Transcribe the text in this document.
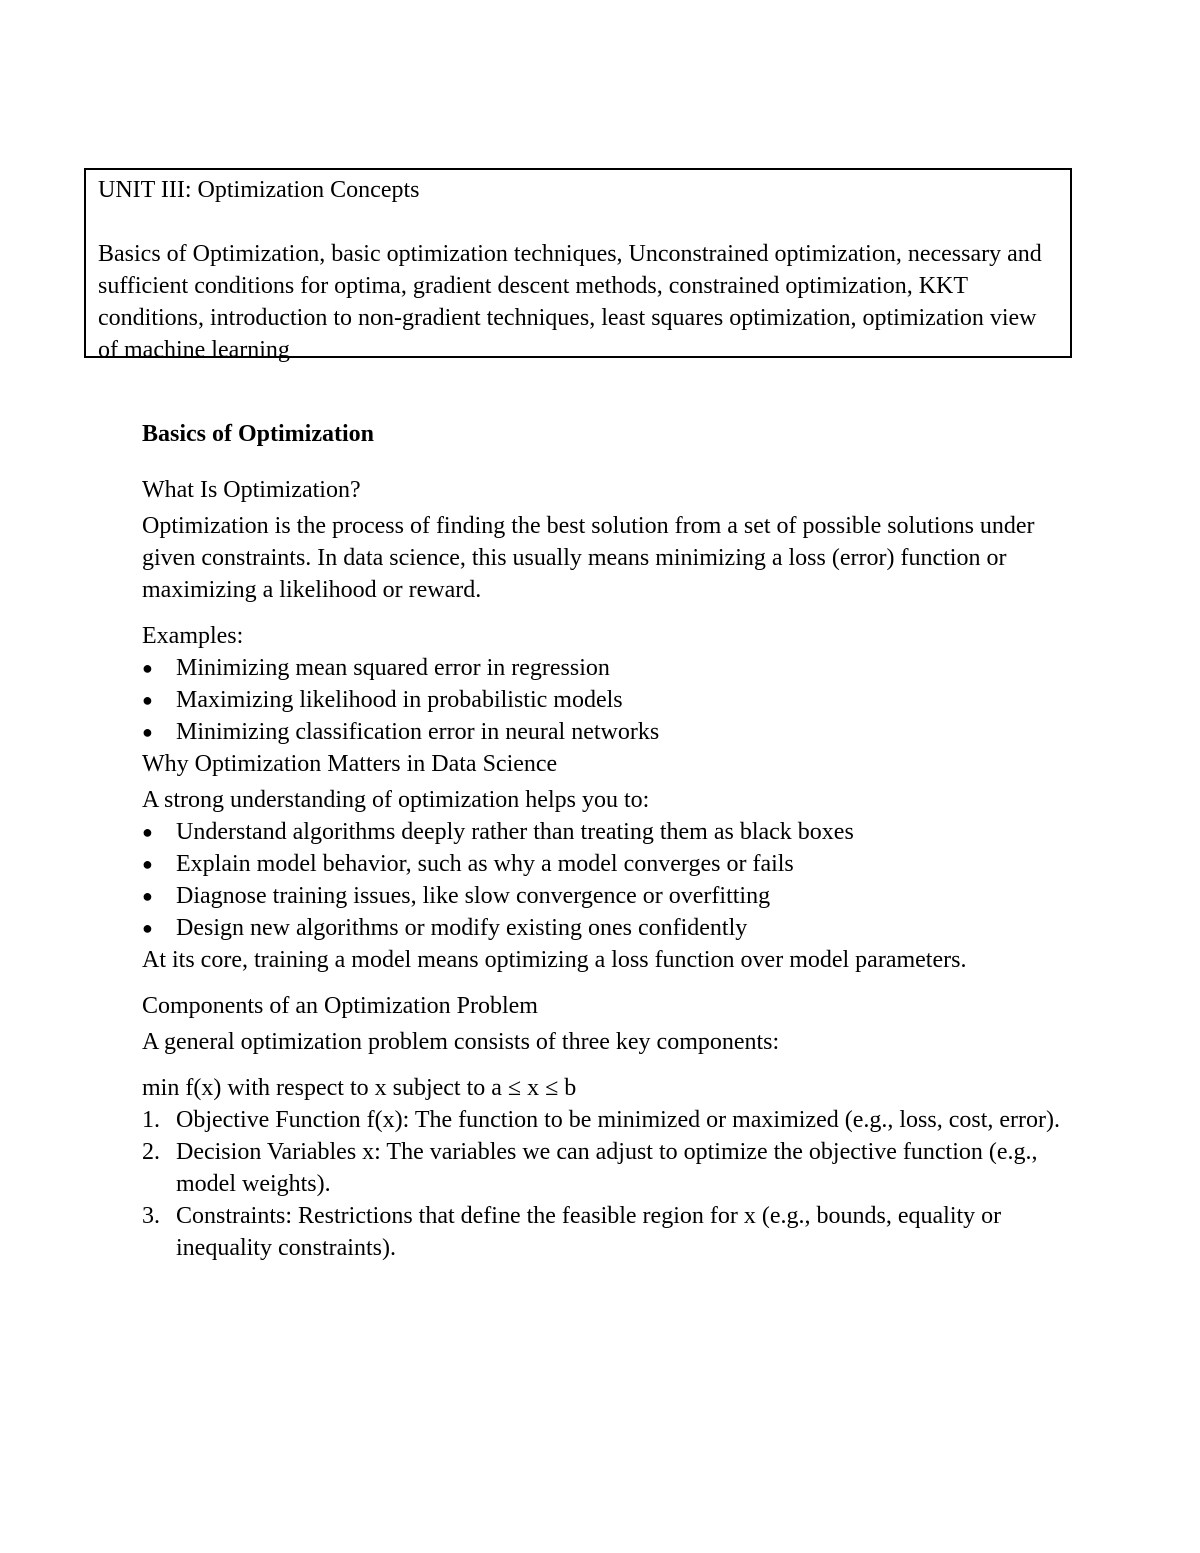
UNIT III: Optimization Concepts

Basics of Optimization, basic optimization techniques, Unconstrained optimization, necessary and sufficient conditions for optima, gradient descent methods, constrained optimization, KKT conditions, introduction to non-gradient techniques, least squares optimization, optimization view of machine learning

Basics of Optimization

What Is Optimization?

Optimization is the process of finding the best solution from a set of possible solutions under given constraints. In data science, this usually means minimizing a loss (error) function or maximizing a likelihood or reward.

Examples:

● Minimizing mean squared error in regression
● Maximizing likelihood in probabilistic models
● Minimizing classification error in neural networks

Why Optimization Matters in Data Science

A strong understanding of optimization helps you to:

● Understand algorithms deeply rather than treating them as black boxes
● Explain model behavior, such as why a model converges or fails
● Diagnose training issues, like slow convergence or overfitting
● Design new algorithms or modify existing ones confidently

At its core, training a model means optimizing a loss function over model parameters.

Components of an Optimization Problem

A general optimization problem consists of three key components:

min f(x) with respect to x subject to a ≤ x ≤ b

1. Objective Function f(x): The function to be minimized or maximized (e.g., loss, cost, error).
2. Decision Variables x: The variables we can adjust to optimize the objective function (e.g., model weights).
3. Constraints: Restrictions that define the feasible region for x (e.g., bounds, equality or inequality constraints).
